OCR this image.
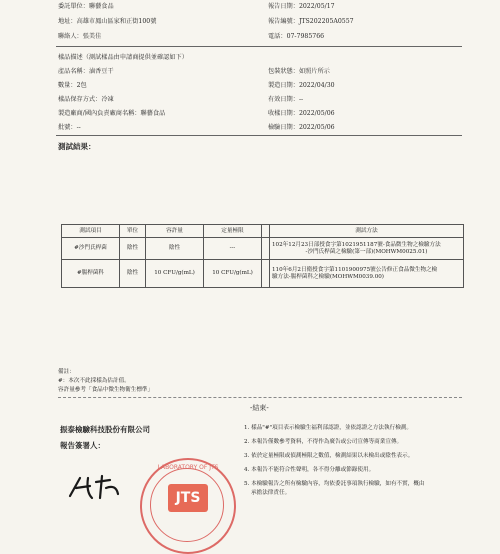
委託單位：聯藝食品	報告日期：2022/05/17
地址：高雄市鳳山區家和正街100號	報告編號：JTS202205A0557
聯絡人：張美佳	電話：07-7985766
樣品描述（測試樣品由申請商提供並確認如下）
產品名稱：滷香豆干	包裝狀態：如照片所示
數量：2包	製造日期：2022/04/30
樣品保存方式：冷凍	有效日期：--
製造廠商/國內負責廠商名稱：聯藝食品	收樣日期：2022/05/06
批號：--	檢驗日期：2022/05/06
測試結果：
測試項目	單位	容許量	定量極限		測試方法
#沙門氏桿菌	陰性	陰性	---		102年12月23日部授食字第1021951187號-食品微生物之檢驗方法
-沙門氏桿菌之檢驗(第一部)(MOHWM0025.01)

#腸桿菌科	陰性	10 CFU/g(mL)	10 CFU/g(mL)		110年6月2日衛授食字第1101900975號公告修正食品微生物之檢
驗方法-腸桿菌科之檢驗(MOHWM0039.00)
備註：
#：本次不此採樣為估計值。
容許量參考「食品中微生物衛生標準」
-結束-
振泰檢驗科技股份有限公司
報告簽署人：
1. 樣品"#"項目表示檢驗生福利部認證，並依認證之方法執行檢測。
2. 本報告僅數參考資料，不得作為廣告或公司宣傳等商業宣傳。
3. 依於定量極限或偵測極限之數值，檢測結果以未檢出或陰性表示。
4. 本報告不能符合性聲明，各不得分離或節錄使用。
5. 本檢驗報告之所有檢驗內容，均依委託事項執行檢驗，如有不實，概由
承擔法律責任。
LABORATORY OF JTS
JTS
